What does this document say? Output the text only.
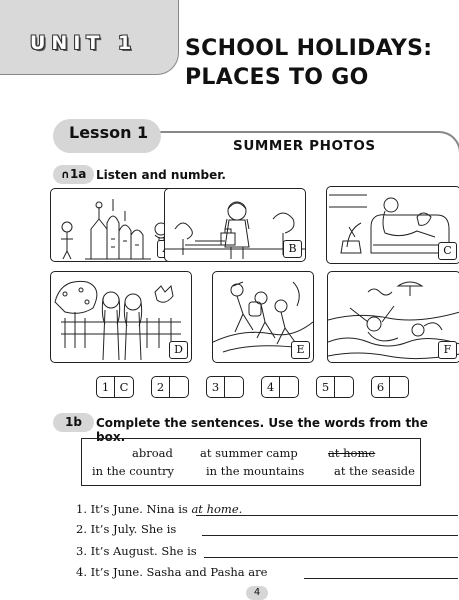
UNIT 1 SCHOOL HOLIDAYS:
PLACES TO GO
Lesson 1
SUMMER PHOTOS
∩1a Listen and number.
B	C
D	E	F
1 C	2	3	4	5	6
1b	Complete the sentences. Use the words from the box.
abroad at summer camp	at home
in the country	in the mountains	at the seaside
1. It’s June. Nina is at home.
2. It’s July. She is
3. It’s August. She is
4. It’s June. Sasha and Pasha are
4
